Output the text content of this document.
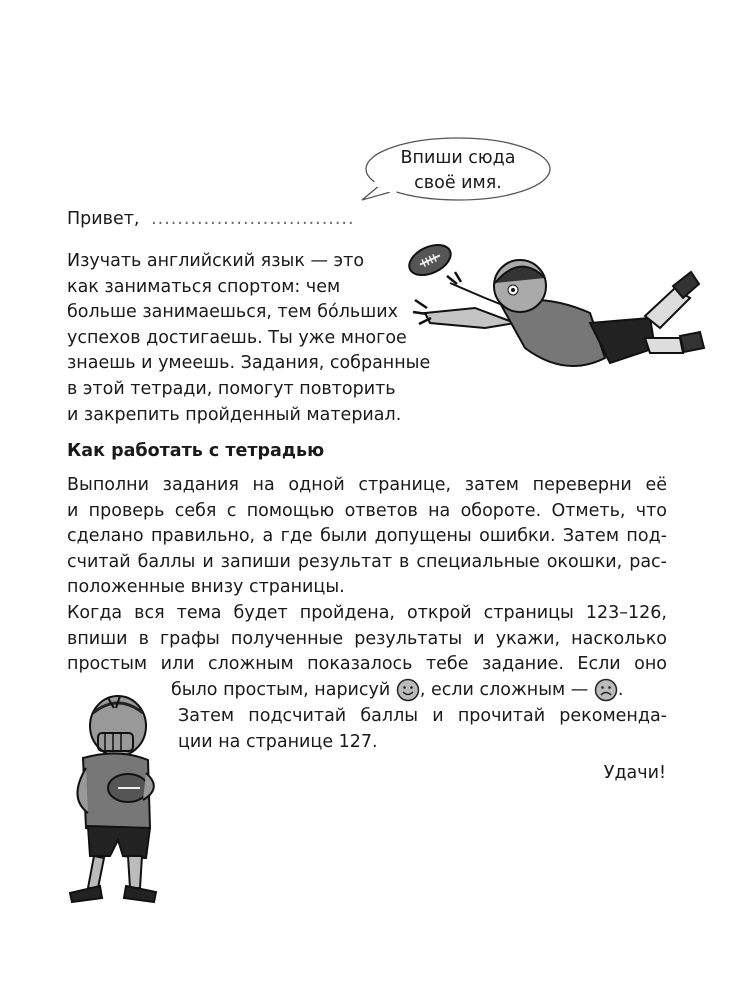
Впиши сюда
своё имя.
Привет, ...............................
Изучать английский язык — это
как заниматься спортом: чем
больше занимаешься, тем бóльших
успехов достигаешь. Ты уже многое
знаешь и умеешь. Задания, собранные
в этой тетради, помогут повторить
и закрепить пройденный материал.
Как работать с тетрадью
Выполни задания на одной странице, затем переверни её
и проверь себя с помощью ответов на обороте. Отметь, что
сделано правильно, а где были допущены ошибки. Затем под-
считай баллы и запиши результат в специальные окошки, рас-
положенные внизу страницы.
Когда вся тема будет пройдена, открой страницы 123–126,
впиши в графы полученные результаты и укажи, насколько
простым или сложным показалось тебе задание. Если оно
было простым, нарисуй , если сложным — .
Затем подсчитай баллы и прочитай рекоменда-
ции на странице 127.
Удачи!
